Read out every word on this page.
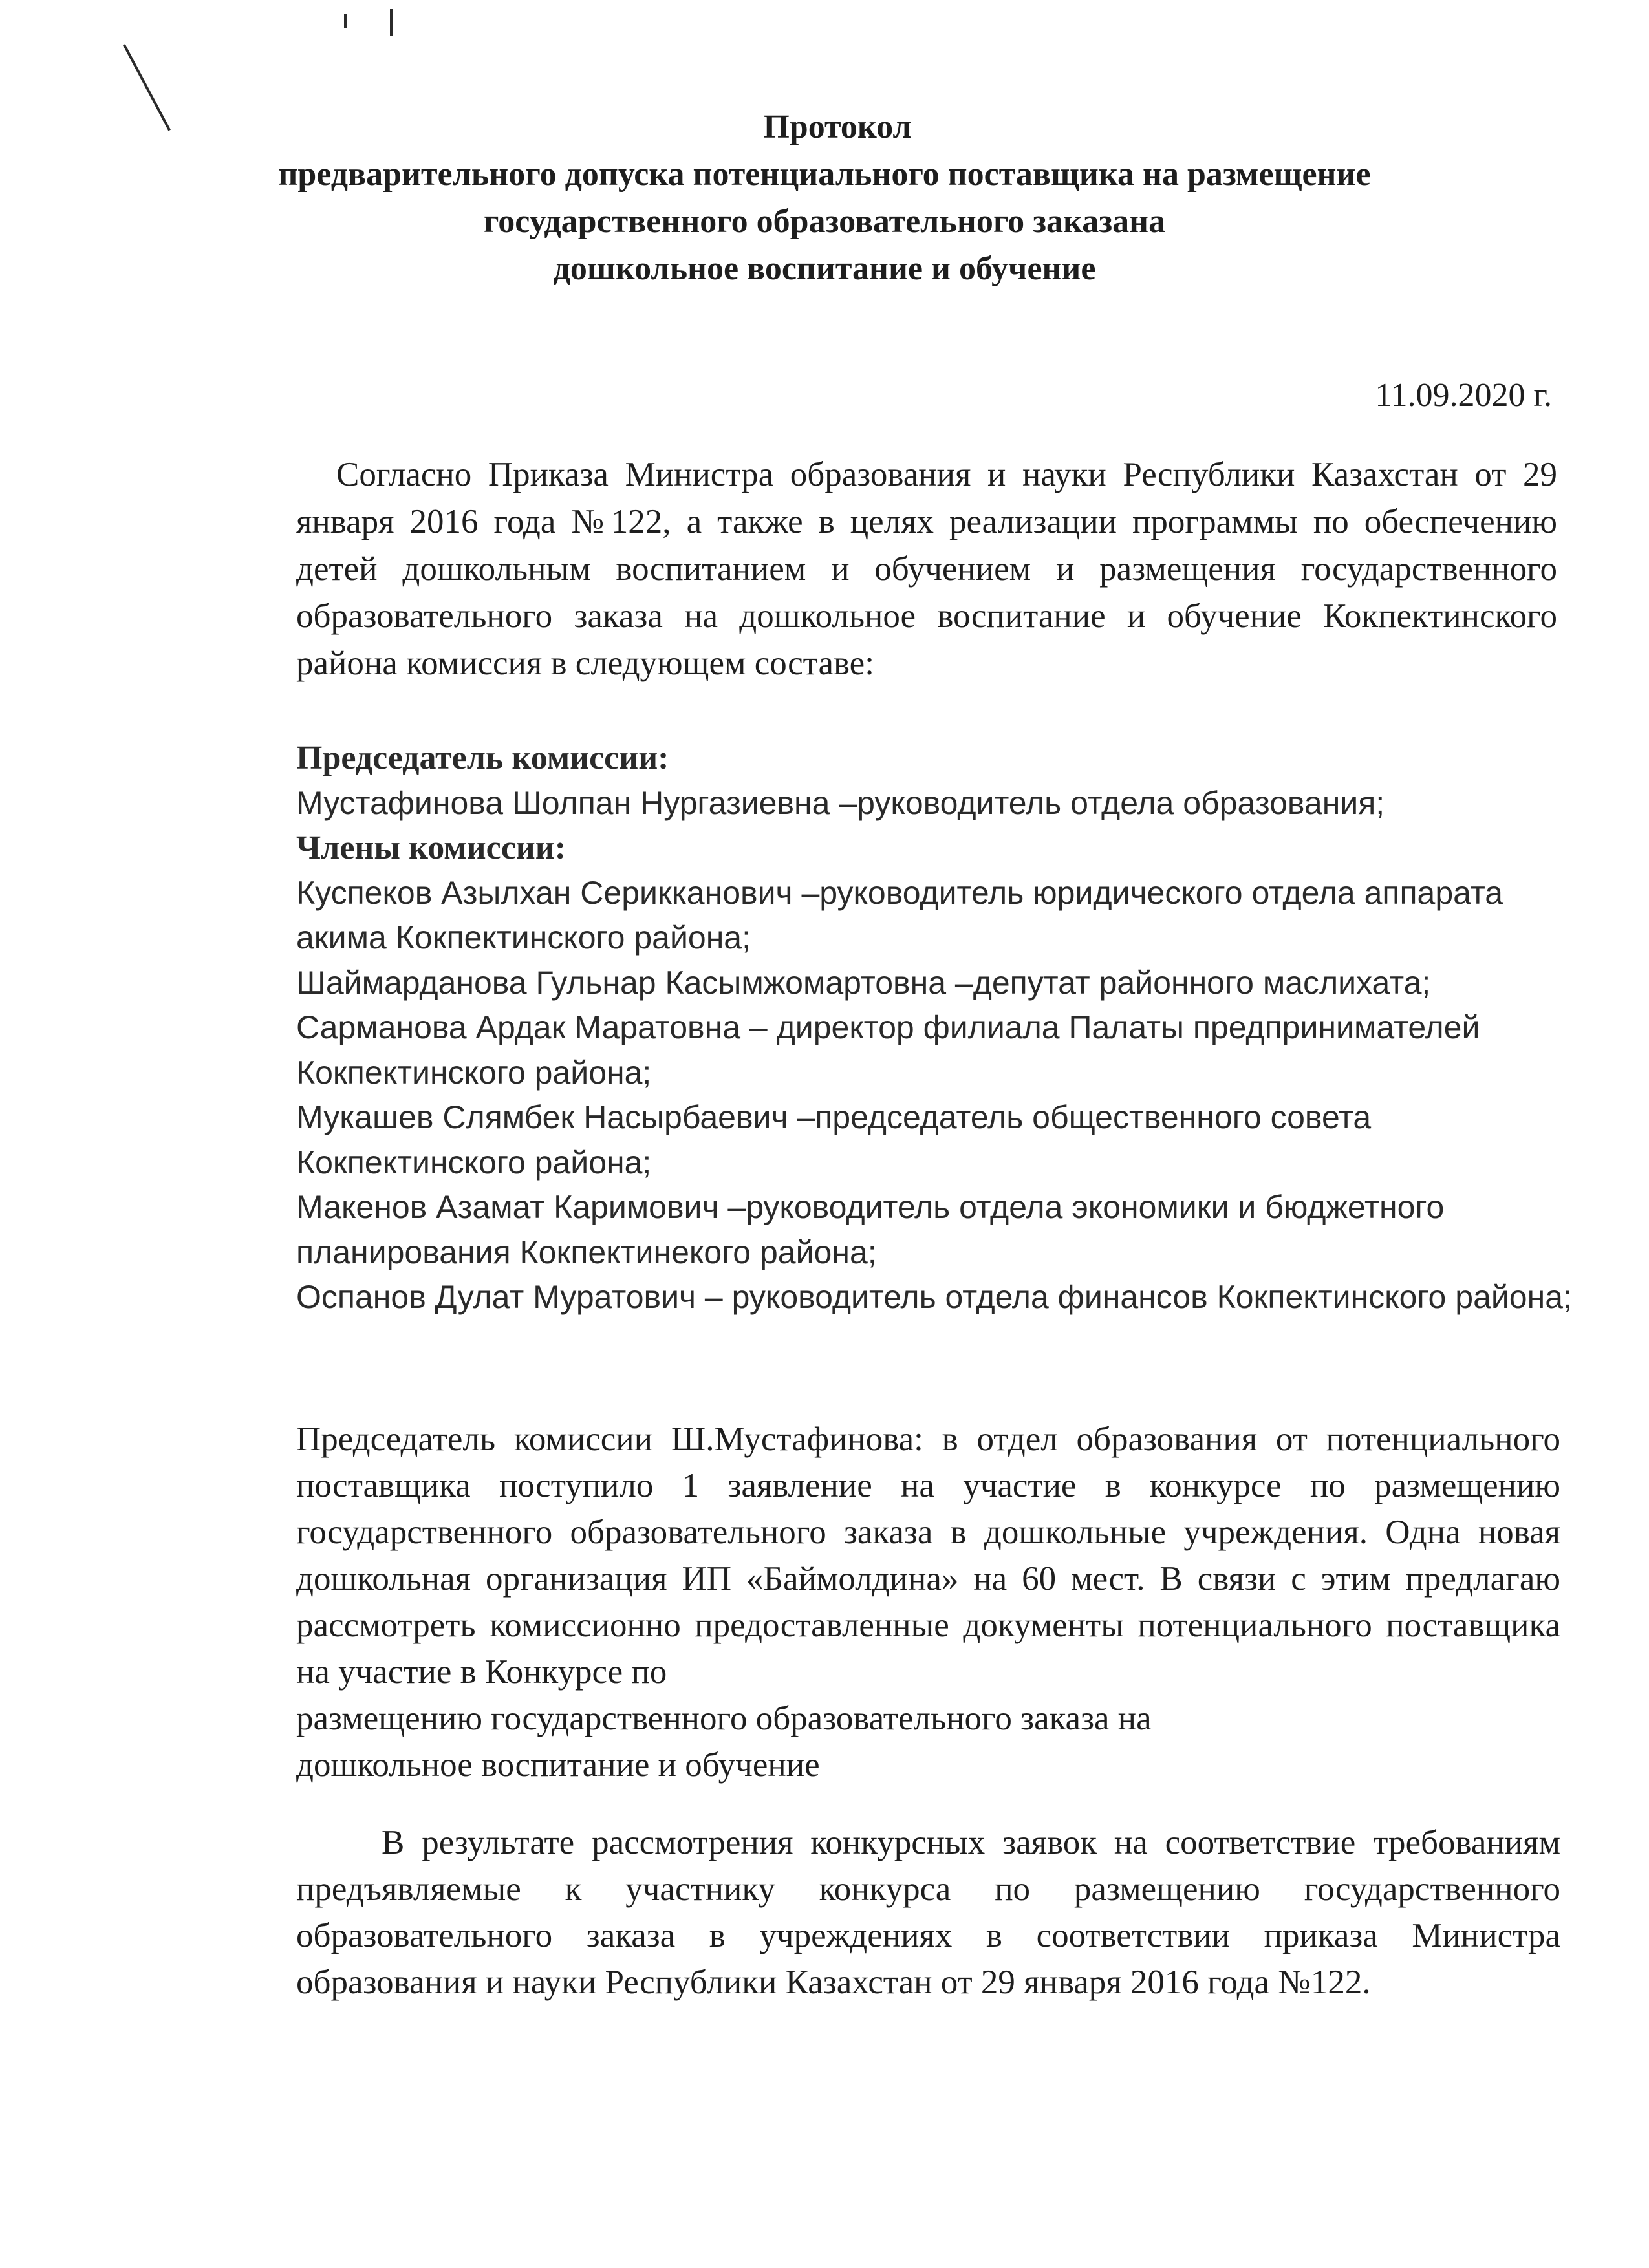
Протокол
предварительного допуска потенциального поставщика на размещение
государственного образовательного заказана
дошкольное воспитание и обучение
11.09.2020 г.
Согласно Приказа Министра образования и науки Республики Казахстан от 29 января 2016 года №122, а также в целях реализации программы по обеспечению детей дошкольным воспитанием и обучением и размещения государственного образовательного заказа на дошкольное воспитание и обучение Кокпектинского района комиссия в следующем составе:
Председатель комиссии:
Мустафинова Шолпан Нургазиевна –руководитель отдела образования;
Члены комиссии:
Куспеков Азылхан Серикканович –руководитель юридического отдела аппарата акима Кокпектинского района;
Шаймарданова Гульнар Касымжомартовна –депутат районного маслихата;
Сарманова Ардак Маратовна – директор филиала Палаты предпринимателей Кокпектинского района;
Мукашев Слямбек Насырбаевич –председатель общественного совета Кокпектинского района;
Макенов Азамат Каримович –руководитель отдела экономики и бюджетного планирования Кокпектинекого района;
Оспанов Дулат Муратович – руководитель отдела финансов Кокпектинского района;
Председатель комиссии Ш.Мустафинова: в отдел образования от потенциального поставщика поступило 1 заявление на участие в конкурсе по размещению государственного образовательного заказа в дошкольные учреждения. Одна новая дошкольная организация ИП «Баймолдина» на 60 мест. В связи с этим предлагаю рассмотреть комиссионно предоставленные документы потенциального поставщика на участие в Конкурсе по
размещению государственного образовательного заказа на
дошкольное воспитание и обучение
В результате рассмотрения конкурсных заявок на соответствие требованиям предъявляемые к участнику конкурса по размещению государственного образовательного заказа в учреждениях в соответствии приказа Министра образования и науки Республики Казахстан от 29 января 2016 года №122.
